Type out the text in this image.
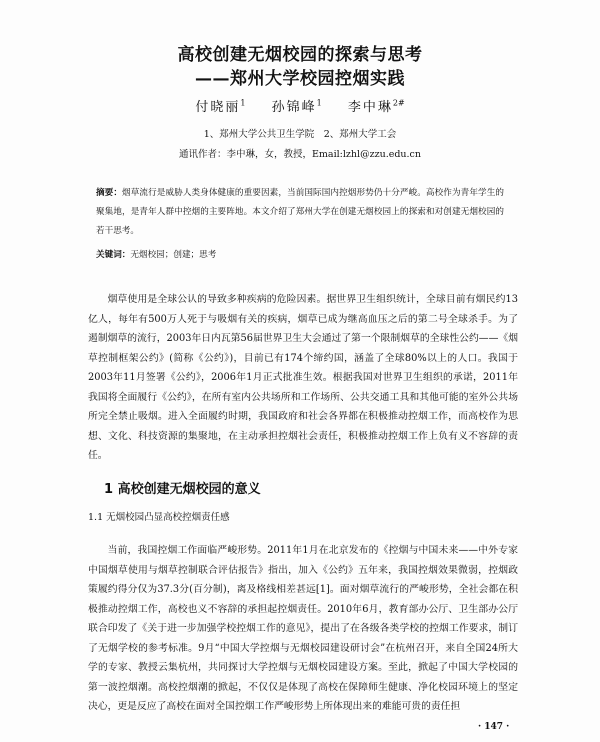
高校创建无烟校园的探索与思考
——郑州大学校园控烟实践
付晓丽$^1$ 孙锦峰$^1$ 李中琳$^{2\#}$
1、郑州大学公共卫生学院　2、郑州大学工会
通讯作者：李中琳，女，教授，Email:lzhl@zzu.edu.cn

摘要：烟草流行是威胁人类身体健康的重要因素，当前国际国内控烟形势仍十分严峻。高校作为青年学生的聚集地，是青年人群中控烟的主要阵地。本文介绍了郑州大学在创建无烟校园上的探索和对创建无烟校园的若干思考。

关键词：无烟校园；创建；思考

烟草使用是全球公认的导致多种疾病的危险因素。据世界卫生组织统计，全球目前有烟民约13亿人，每年有500万人死于与吸烟有关的疾病，烟草已成为继高血压之后的第二号全球杀手。为了遏制烟草的流行，2003年日内瓦第56届世界卫生大会通过了第一个限制烟草的全球性公约——《烟草控制框架公约》(简称《公约》)，目前已有174个缔约国，涵盖了全球80%以上的人口。我国于2003年11月签署《公约》，2006年1月正式批准生效。根据我国对世界卫生组织的承诺，2011年我国将全面履行《公约》，在所有室内公共场所和工作场所、公共交通工具和其他可能的室外公共场所完全禁止吸烟。进入全面履约时期，我国政府和社会各界都在积极推动控烟工作，而高校作为思想、文化、科技资源的集聚地，在主动承担控烟社会责任，积极推动控烟工作上负有义不容辞的责任。

1 高校创建无烟校园的意义
1.1 无烟校园凸显高校控烟责任感

当前，我国控烟工作面临严峻形势。2011年1月在北京发布的《控烟与中国未来——中外专家中国烟草使用与烟草控制联合评估报告》指出，加入《公约》五年来，我国控烟效果微弱，控烟政策履约得分仅为37.3分(百分制)，离及格线相差甚远[1]。面对烟草流行的严峻形势，全社会都在积极推动控烟工作，高校也义不容辞的承担起控烟责任。2010年6月，教育部办公厅、卫生部办公厅联合印发了《关于进一步加强学校控烟工作的意见》，提出了在各级各类学校的控烟工作要求，制订了无烟学校的参考标准。9月“中国大学控烟与无烟校园建设研讨会”在杭州召开，来自全国24所大学的专家、教授云集杭州，共同探讨大学控烟与无烟校园建设方案。至此，掀起了中国大学校园的第一波控烟潮。高校控烟潮的掀起，不仅仅是体现了高校在保障师生健康、净化校园环境上的坚定决心，更是反应了高校在面对全国控烟工作严峻形势上所体现出来的难能可贵的责任担

· 147 ·
